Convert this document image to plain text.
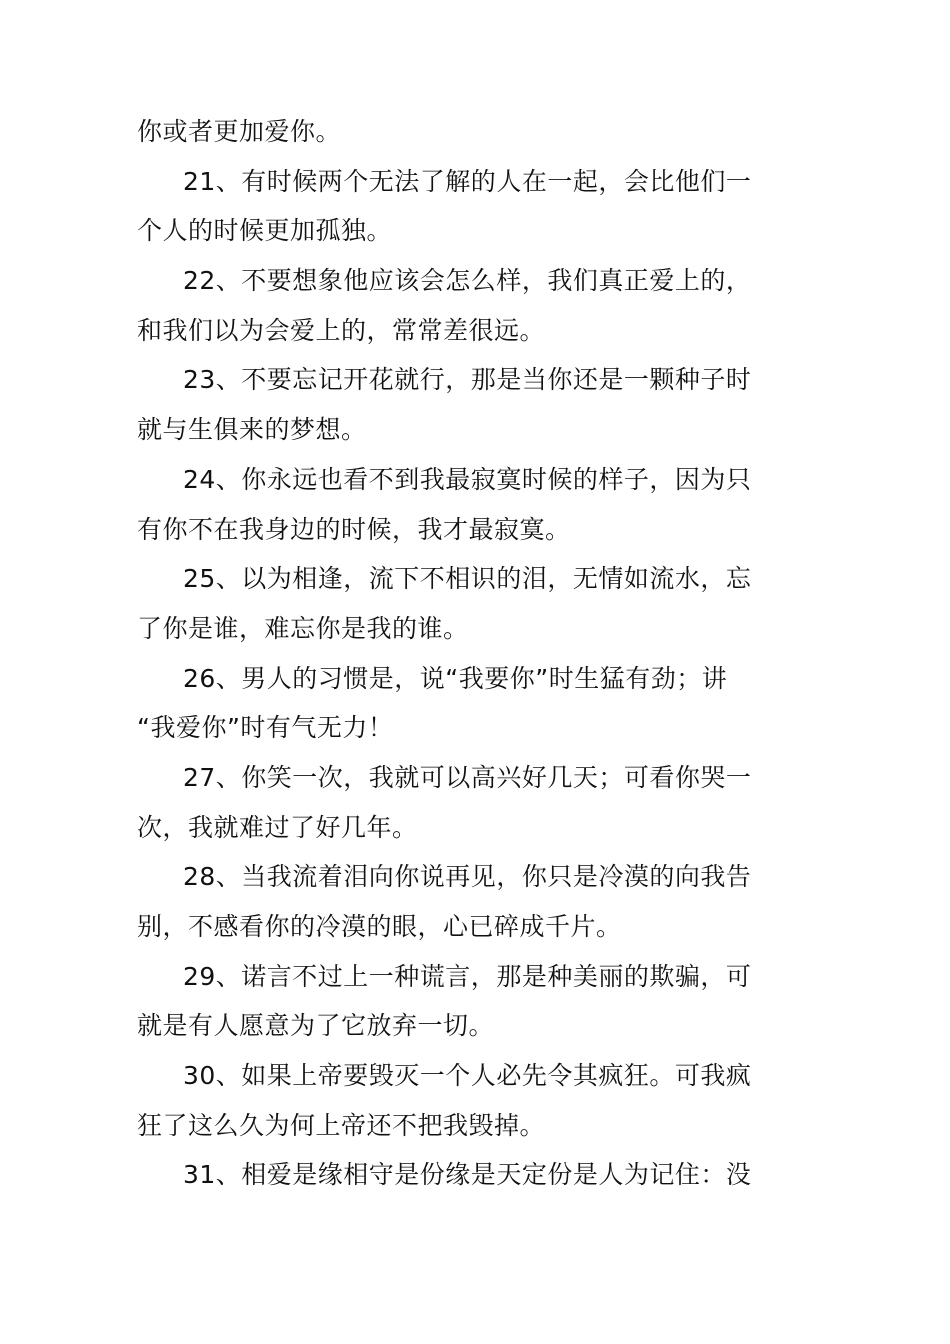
你或者更加爱你。
21、有时候两个无法了解的人在一起，会比他们一
个人的时候更加孤独。
22、不要想象他应该会怎么样，我们真正爱上的，
和我们以为会爱上的，常常差很远。
23、不要忘记开花就行，那是当你还是一颗种子时
就与生俱来的梦想。
24、你永远也看不到我最寂寞时候的样子，因为只
有你不在我身边的时候，我才最寂寞。
25、以为相逢，流下不相识的泪，无情如流水，忘
了你是谁，难忘你是我的谁。
26、男人的习惯是，说“我要你”时生猛有劲；讲
“我爱你”时有气无力！
27、你笑一次，我就可以高兴好几天；可看你哭一
次，我就难过了好几年。
28、当我流着泪向你说再见，你只是冷漠的向我告
别，不感看你的冷漠的眼，心已碎成千片。
29、诺言不过上一种谎言，那是种美丽的欺骗，可
就是有人愿意为了它放弃一切。
30、如果上帝要毁灭一个人必先令其疯狂。可我疯
狂了这么久为何上帝还不把我毁掉。
31、相爱是缘相守是份缘是天定份是人为记住：没
